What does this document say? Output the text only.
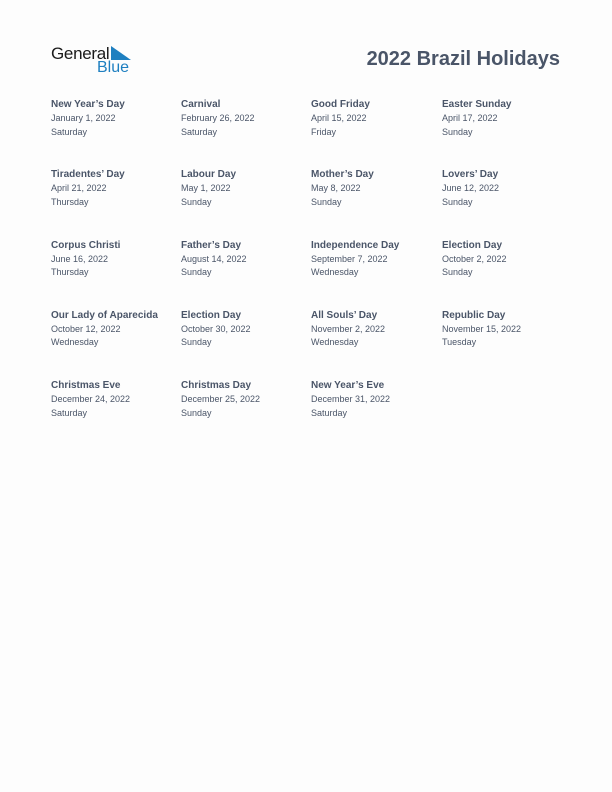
General
Blue	2022 Brazil Holidays
New Year’s Day
January 1, 2022
Saturday
Carnival
February 26, 2022
Saturday
Good Friday
April 15, 2022
Friday
Easter Sunday
April 17, 2022
Sunday
Tiradentes’ Day
April 21, 2022
Thursday
Labour Day
May 1, 2022
Sunday
Mother’s Day
May 8, 2022
Sunday
Lovers’ Day
June 12, 2022
Sunday
Corpus Christi
June 16, 2022
Thursday
Father’s Day
August 14, 2022
Sunday
Independence Day
September 7, 2022
Wednesday
Election Day
October 2, 2022
Sunday
Our Lady of Aparecida
October 12, 2022
Wednesday
Election Day
October 30, 2022
Sunday
All Souls’ Day
November 2, 2022
Wednesday
Republic Day
November 15, 2022
Tuesday
Christmas Eve
December 24, 2022
Saturday
Christmas Day
December 25, 2022
Sunday
New Year’s Eve
December 31, 2022
Saturday
